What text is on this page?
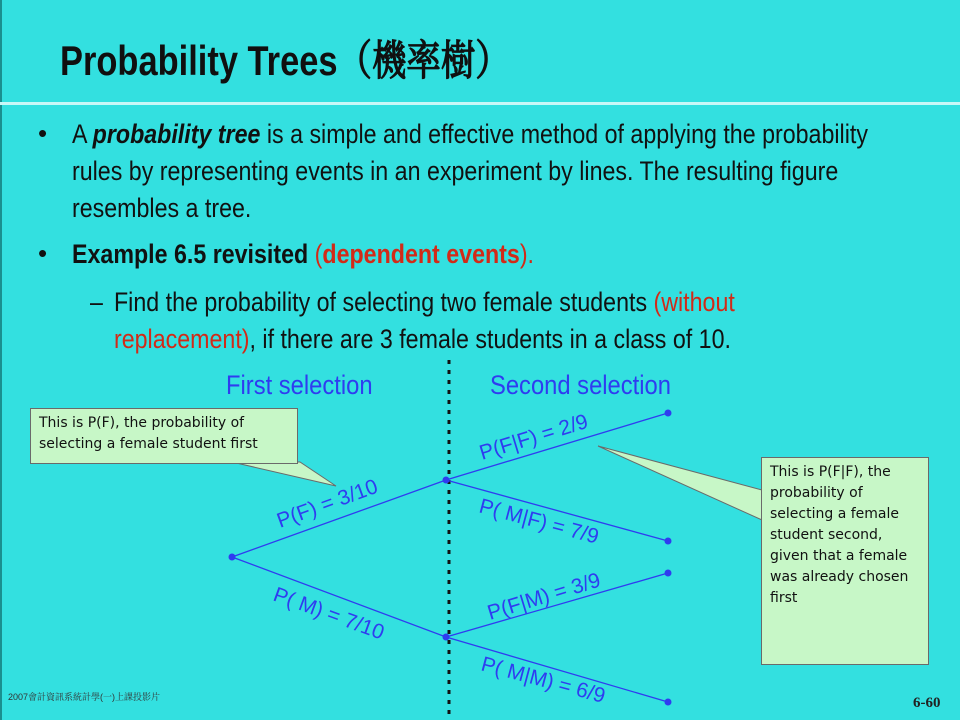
Probability Trees（機率樹）
• A probability tree is a simple and effective method of applying the probability rules by representing events in an experiment by lines. The resulting figure resembles a tree.
• Example 6.5 revisited (dependent events).
– Find the probability of selecting two female students (without replacement), if there are 3 female students in a class of 10.
First selection	Second selection
P(F) = 3/10
P( M) = 7/10
P(F|F) = 2/9
P( M|F) = 7/9
P(F|M) = 3/9
P( M|M) = 6/9
This is P(F), the probability of selecting a female student first
This is P(F|F), the probability of selecting a female student second, given that a female was already chosen first
2007會計資訊系統計學(一)上課投影片	6-60
